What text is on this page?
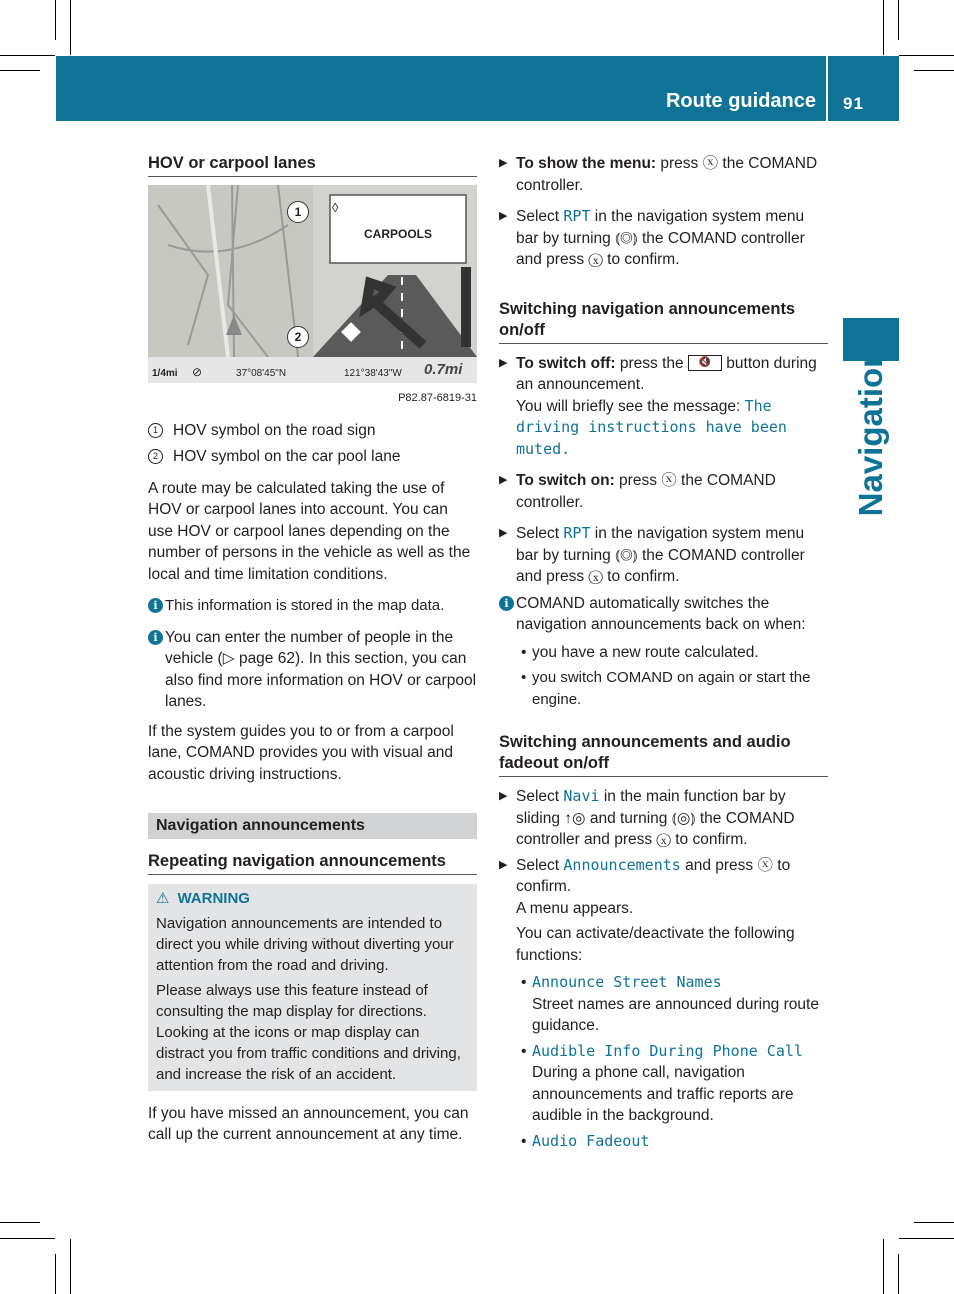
Route guidance 91
Navigation
HOV or carpool lanes
CARPOOLS
◊
1
2
1/4mi ⊘	37°08'45"N	121°38'43"W 0.7mi
P82.87-6819-31

1 HOV symbol on the road sign

2 HOV symbol on the car pool lane

A route may be calculated taking the use of HOV or carpool lanes into account. You can use HOV or carpool lanes depending on the number of persons in the vehicle as well as the local and time limitation conditions.

i This information is stored in the map data.
i You can enter the number of people in the vehicle (▷ page 62). In this section, you can also find more information on HOV or carpool lanes.

If the system guides you to or from a carpool lane, COMAND provides you with visual and acoustic driving instructions.

Navigation announcements
Repeating navigation announcements
⚠ WARNING

Navigation announcements are intended to direct you while driving without diverting your attention from the road and driving.

Please always use this feature instead of consulting the map display for directions. Looking at the icons or map display can distract you from traffic conditions and driving, and increase the risk of an accident.

If you have missed an announcement, you can call up the current announcement at any time.

▶ To show the menu: press ⓧ the COMAND controller.
▶ Select RPT in the navigation system menu bar by turning ⦅◎⦆ the COMAND controller and press ⓧ to confirm.
Switching navigation announcements on/off
▶ To switch off: press the 🔇 button during an announcement.
You will briefly see the message: The driving instructions have been muted.
▶ To switch on: press ⓧ the COMAND controller.
▶ Select RPT in the navigation system menu bar by turning ⦅◎⦆ the COMAND controller and press ⓧ to confirm.
i COMAND automatically switches the navigation announcements back on when:
• you have a new route calculated.
• you switch COMAND on again or start the engine.
Switching announcements and audio fadeout on/off
▶ Select Navi in the main function bar by sliding ↑◎ and turning ⦅◎⦆ the COMAND controller and press ⓧ to confirm.
▶ Select Announcements and press ⓧ to confirm.

A menu appears.

You can activate/deactivate the following functions:

• Announce Street Names
Street names are announced during route guidance.
• Audible Info During Phone Call
During a phone call, navigation announcements and traffic reports are audible in the background.
• Audio Fadeout
